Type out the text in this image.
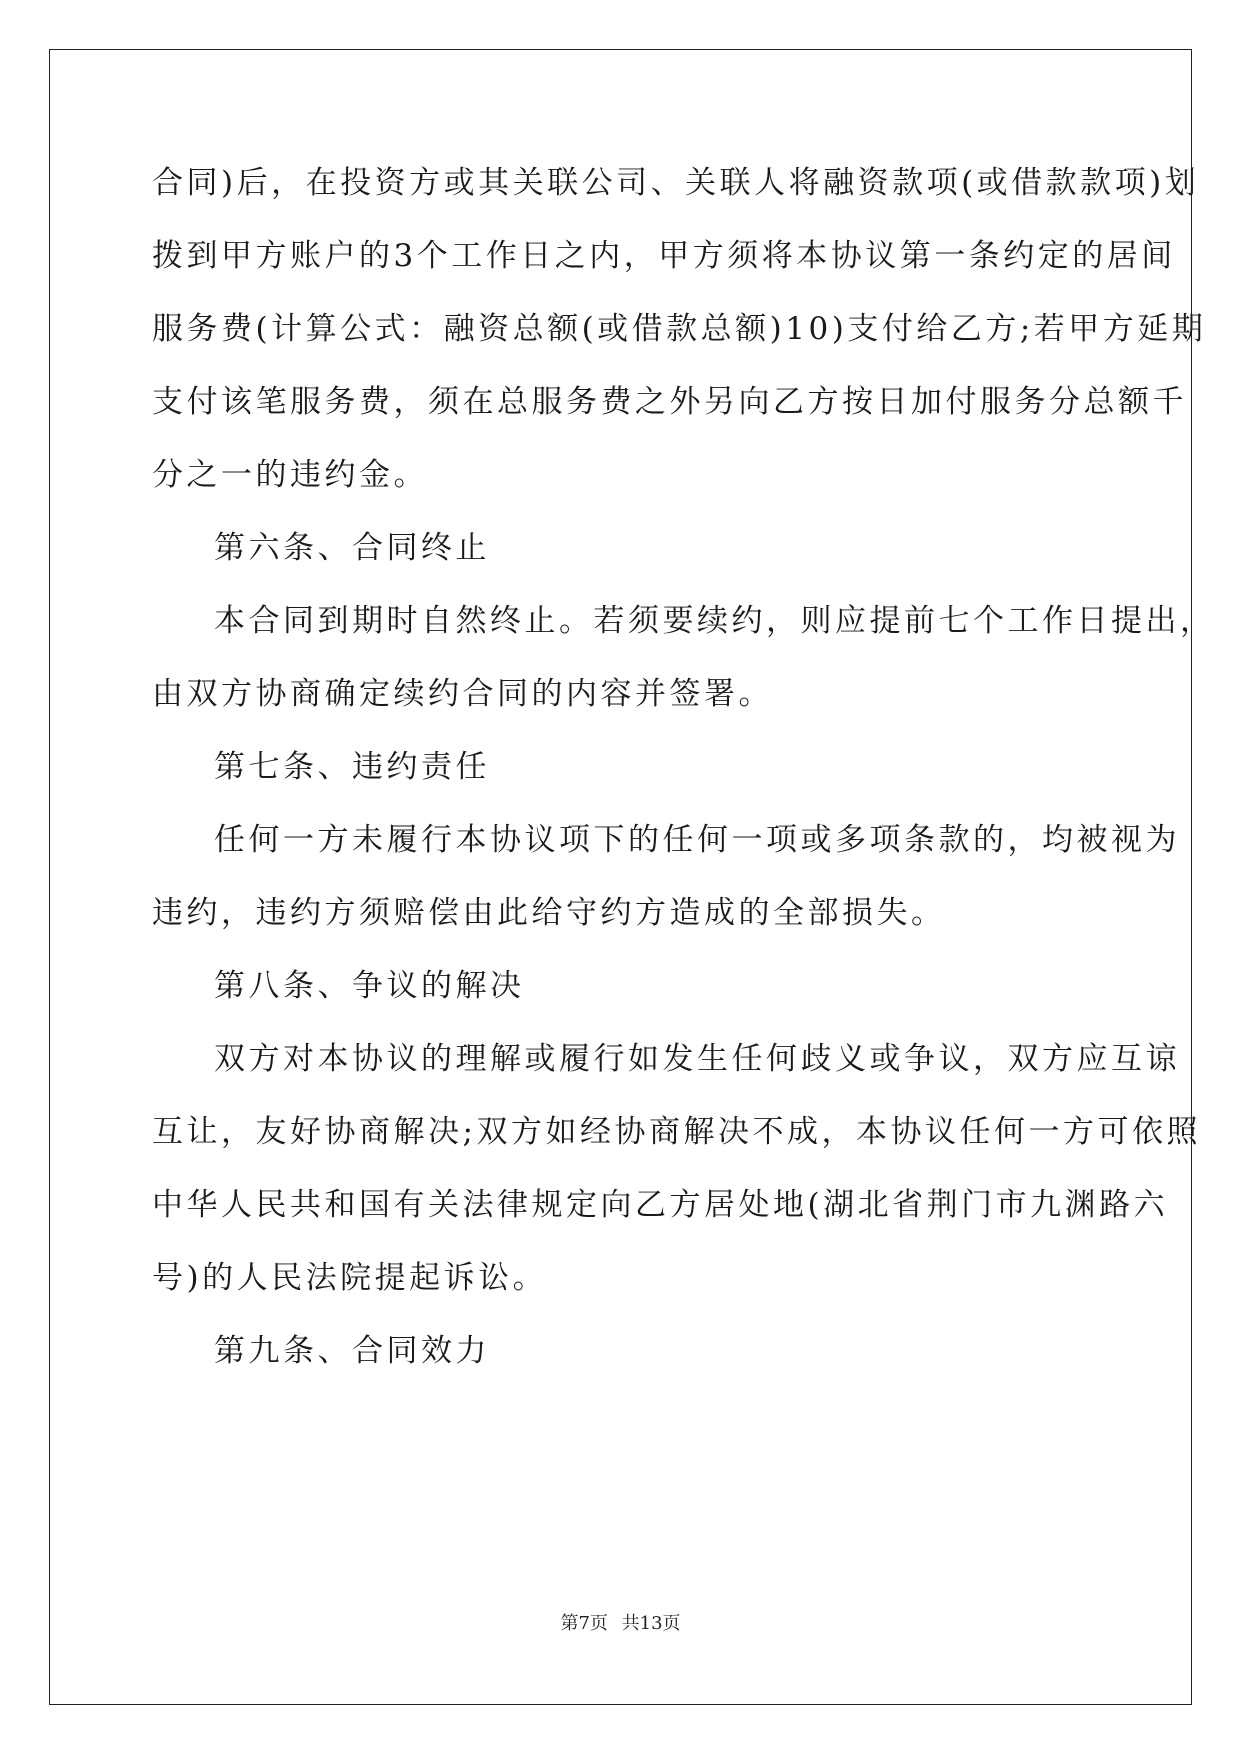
合同)后，在投资方或其关联公司、关联人将融资款项(或借款款项)划
拨到甲方账户的3个工作日之内，甲方须将本协议第一条约定的居间
服务费(计算公式：融资总额(或借款总额)10)支付给乙方;若甲方延期
支付该笔服务费，须在总服务费之外另向乙方按日加付服务分总额千
分之一的违约金。
第六条、合同终止
本合同到期时自然终止。若须要续约，则应提前七个工作日提出，
由双方协商确定续约合同的内容并签署。
第七条、违约责任
任何一方未履行本协议项下的任何一项或多项条款的，均被视为
违约，违约方须赔偿由此给守约方造成的全部损失。
第八条、争议的解决
双方对本协议的理解或履行如发生任何歧义或争议，双方应互谅
互让，友好协商解决;双方如经协商解决不成，本协议任何一方可依照
中华人民共和国有关法律规定向乙方居处地(湖北省荆门市九渊路六
号)的人民法院提起诉讼。
第九条、合同效力
第7页 共13页
